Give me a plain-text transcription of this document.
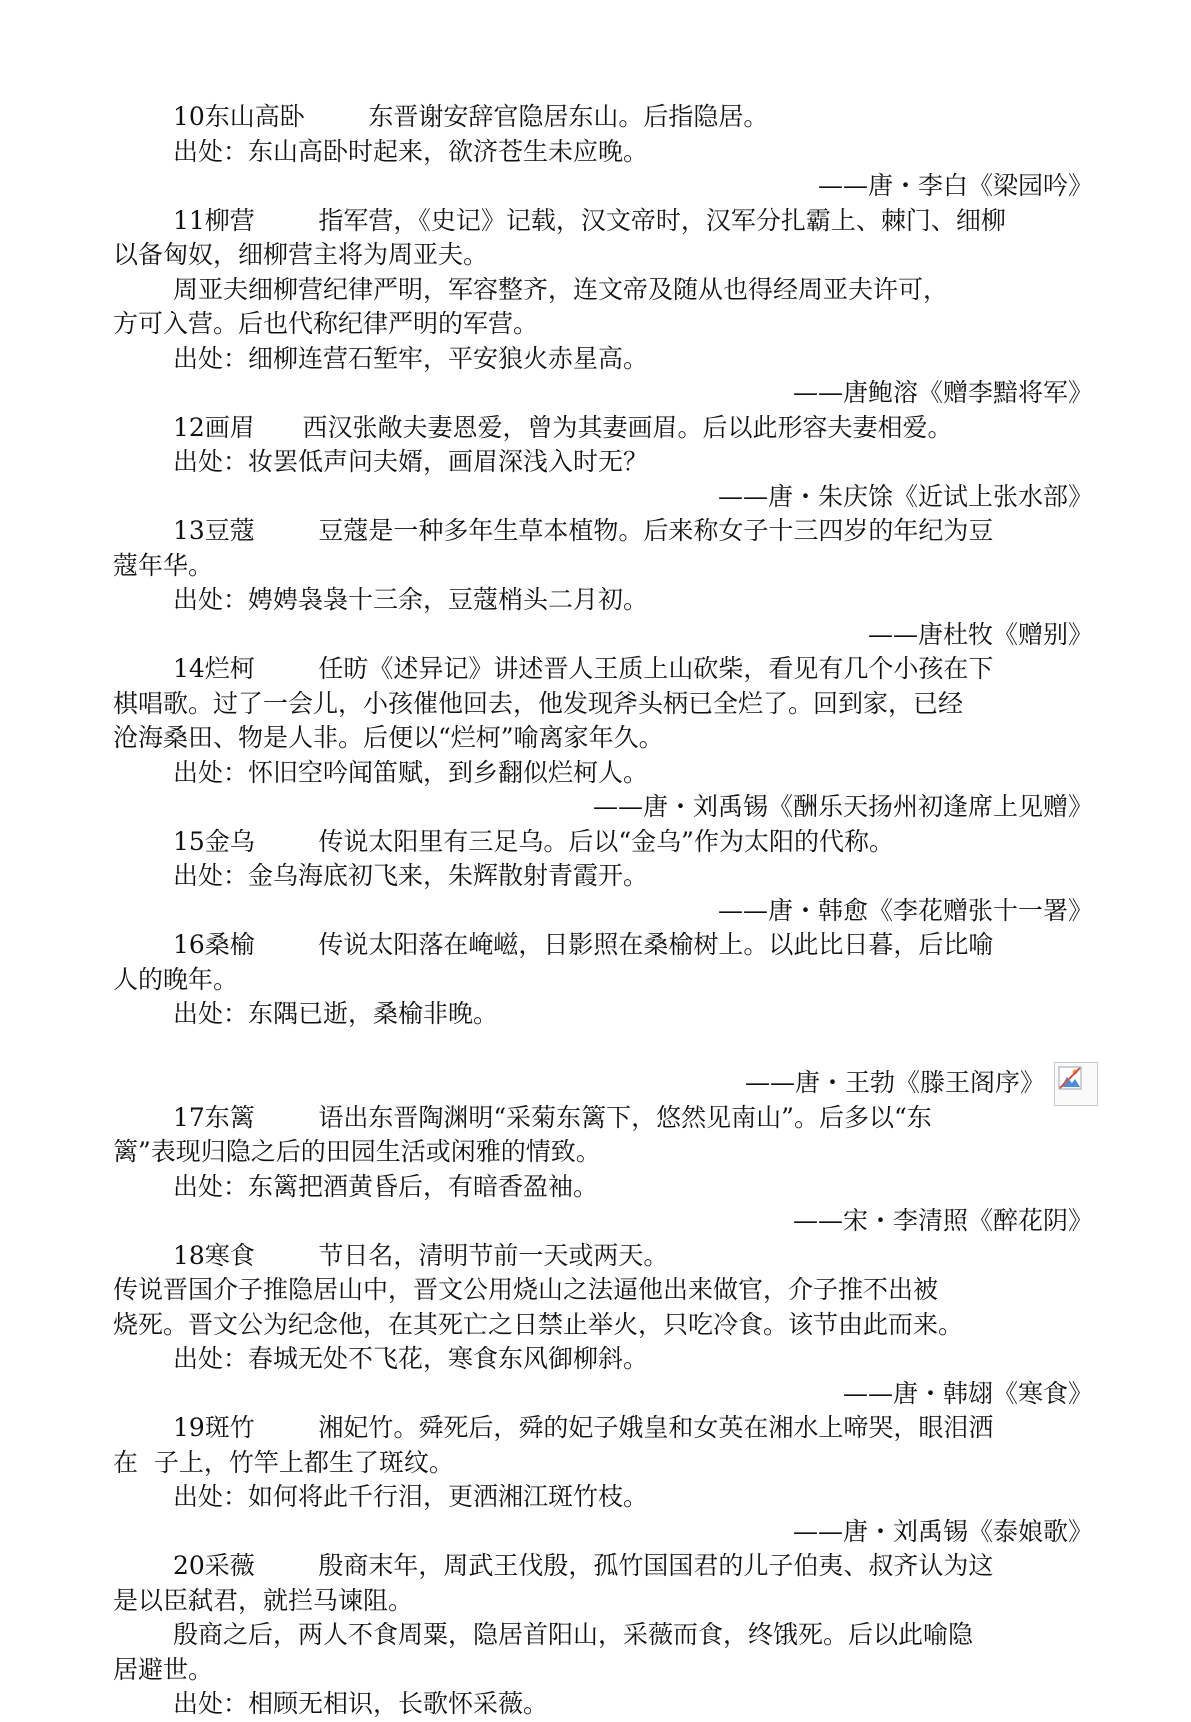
10东山高卧        东晋谢安辞官隐居东山。后指隐居。
出处：东山高卧时起来，欲济苍生未应晚。
——唐・李白《梁园吟》
11柳营        指军营，《史记》记载，汉文帝时，汉军分扎霸上、棘门、细柳
以备匈奴，细柳营主将为周亚夫。
周亚夫细柳营纪律严明，军容整齐，连文帝及随从也得经周亚夫许可，
方可入营。后也代称纪律严明的军营。
出处：细柳连营石堑牢，平安狼火赤星高。
——唐鲍溶《赠李黯将军》
12画眉      西汉张敞夫妻恩爱，曾为其妻画眉。后以此形容夫妻相爱。
出处：妆罢低声问夫婿，画眉深浅入时无？
——唐・朱庆馀《近试上张水部》
13豆蔻        豆蔻是一种多年生草本植物。后来称女子十三四岁的年纪为豆
蔻年华。
出处：娉娉袅袅十三余，豆蔻梢头二月初。
——唐杜牧《赠别》
14烂柯        任昉《述异记》讲述晋人王质上山砍柴，看见有几个小孩在下
棋唱歌。过了一会儿，小孩催他回去，他发现斧头柄已全烂了。回到家，已经
沧海桑田、物是人非。后便以“烂柯”喻离家年久。
出处：怀旧空吟闻笛赋，到乡翻似烂柯人。
——唐・刘禹锡《酬乐天扬州初逢席上见赠》
15金乌        传说太阳里有三足乌。后以“金乌”作为太阳的代称。
出处：金乌海底初飞来，朱辉散射青霞开。
——唐・韩愈《李花赠张十一署》
16桑榆        传说太阳落在崦嵫，日影照在桑榆树上。以此比日暮，后比喻
人的晚年。
出处：东隅已逝，桑榆非晚。
——唐・王勃《滕王阁序》
17东篱        语出东晋陶渊明“采菊东篱下，悠然见南山”。后多以“东
篱”表现归隐之后的田园生活或闲雅的情致。
出处：东篱把酒黄昏后，有暗香盈袖。
——宋・李清照《醉花阴》
18寒食        节日名，清明节前一天或两天。
传说晋国介子推隐居山中，晋文公用烧山之法逼他出来做官，介子推不出被
烧死。晋文公为纪念他，在其死亡之日禁止举火，只吃冷食。该节由此而来。
出处：春城无处不飞花，寒食东风御柳斜。
——唐・韩翃《寒食》
19斑竹        湘妃竹。舜死后，舜的妃子娥皇和女英在湘水上啼哭，眼泪洒
在  子上，竹竿上都生了斑纹。
出处：如何将此千行泪，更洒湘江斑竹枝。
——唐・刘禹锡《泰娘歌》
20采薇        殷商末年，周武王伐殷，孤竹国国君的儿子伯夷、叔齐认为这
是以臣弑君，就拦马谏阻。
殷商之后，两人不食周粟，隐居首阳山，采薇而食，终饿死。后以此喻隐
居避世。
出处：相顾无相识，长歌怀采薇。
